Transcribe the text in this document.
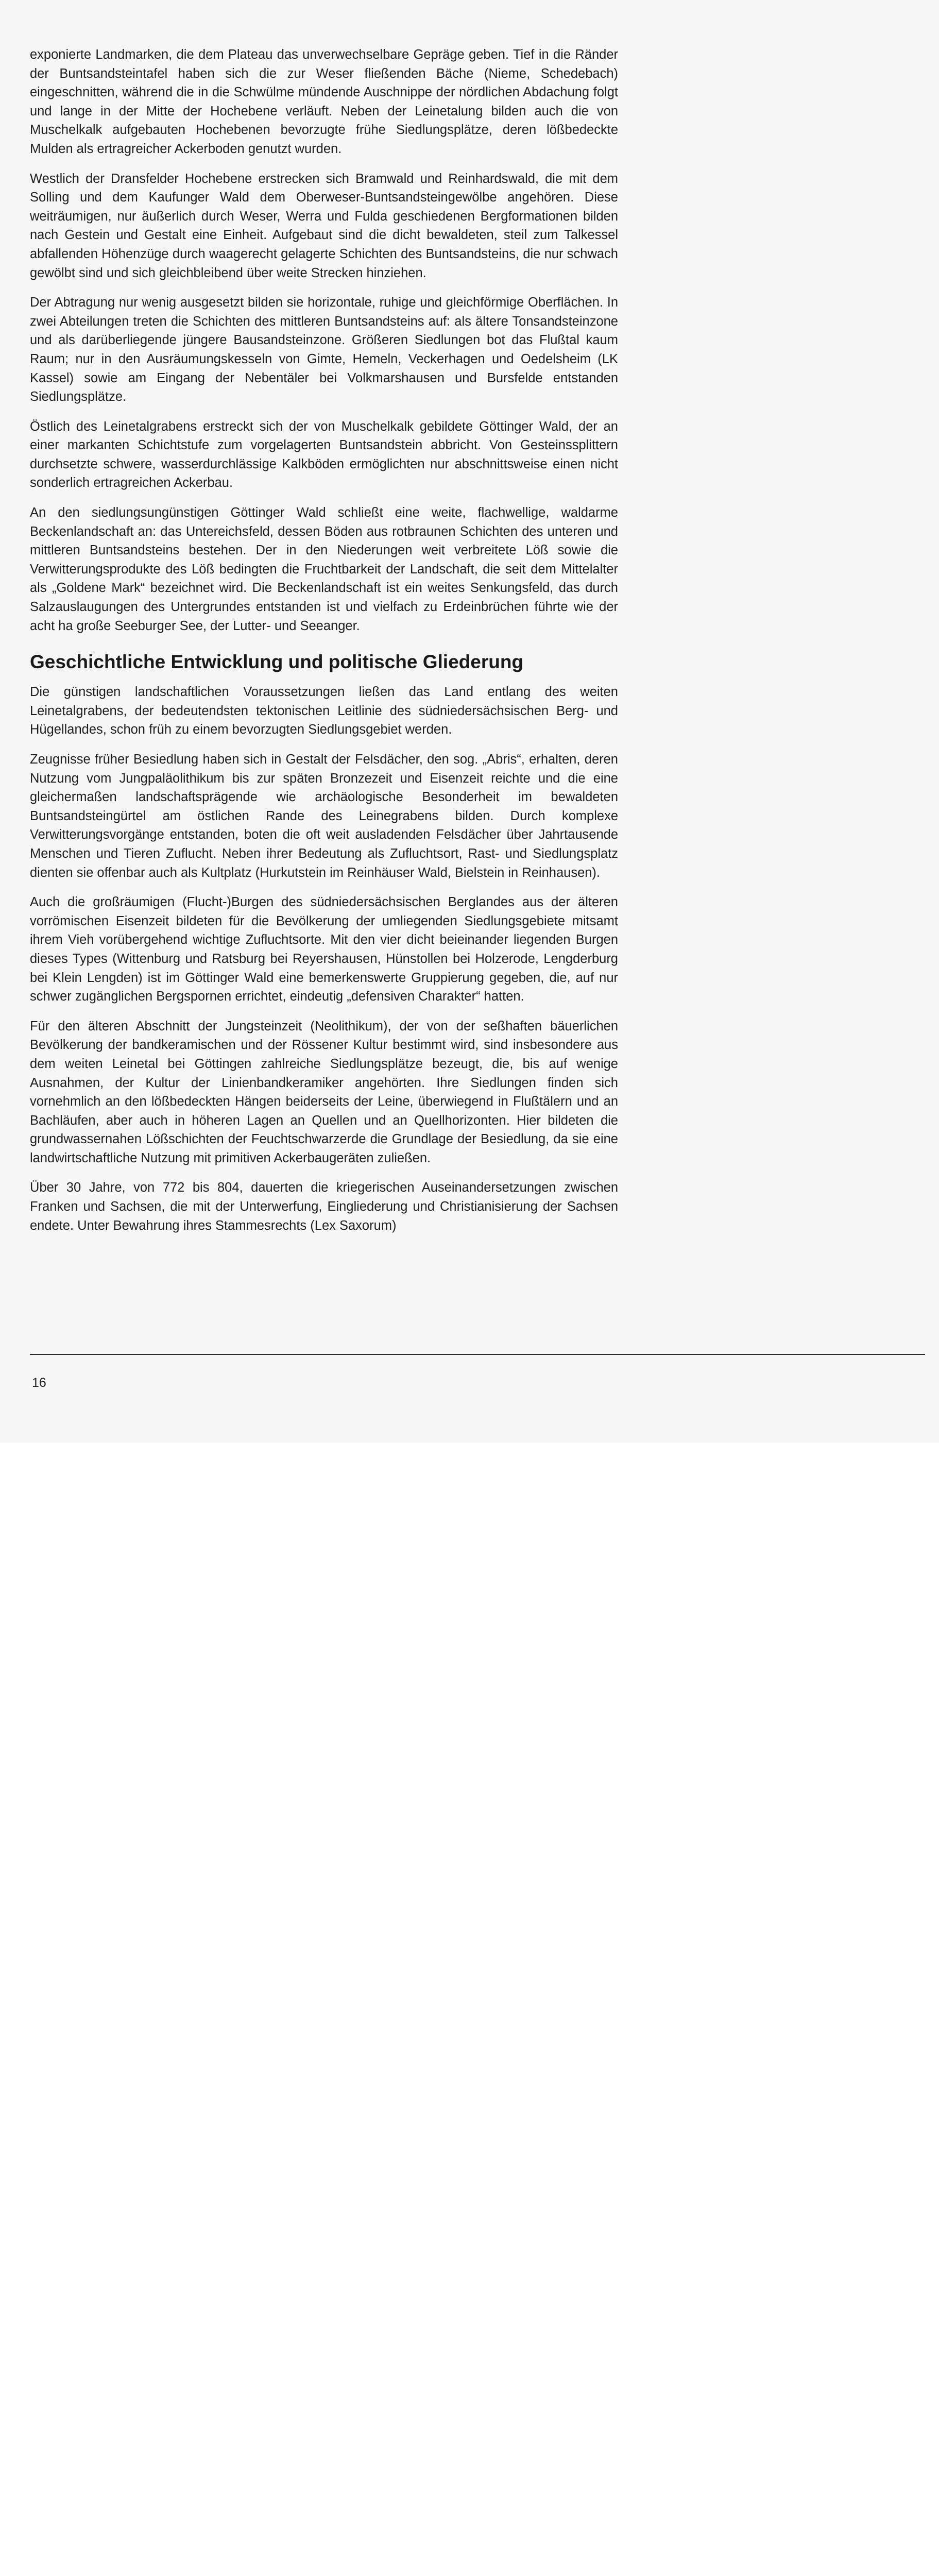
exponierte Landmarken, die dem Plateau das unverwechselbare Gepräge geben. Tief in die Ränder der Buntsandsteintafel haben sich die zur Weser fließenden Bäche (Nieme, Schedebach) eingeschnitten, während die in die Schwülme mündende Auschnippe der nördlichen Abdachung folgt und lange in der Mitte der Hochebene verläuft. Neben der Leinetalung bilden auch die von Muschelkalk aufgebauten Hochebenen bevorzugte frühe Siedlungsplätze, deren lößbedeckte Mulden als ertragreicher Ackerboden genutzt wurden.

Westlich der Dransfelder Hochebene erstrecken sich Bramwald und Reinhardswald, die mit dem Solling und dem Kaufunger Wald dem Oberweser-Buntsandsteingewölbe angehören. Diese weiträumigen, nur äußerlich durch Weser, Werra und Fulda geschiedenen Bergformationen bilden nach Gestein und Gestalt eine Einheit. Aufgebaut sind die dicht bewaldeten, steil zum Talkessel abfallenden Höhenzüge durch waagerecht gelagerte Schichten des Buntsandsteins, die nur schwach gewölbt sind und sich gleichbleibend über weite Strecken hinziehen.

Der Abtragung nur wenig ausgesetzt bilden sie horizontale, ruhige und gleichförmige Oberflächen. In zwei Abteilungen treten die Schichten des mittleren Buntsandsteins auf: als ältere Tonsandsteinzone und als darüberliegende jüngere Bausandsteinzone. Größeren Siedlungen bot das Flußtal kaum Raum; nur in den Ausräumungskesseln von Gimte, Hemeln, Veckerhagen und Oedelsheim (LK Kassel) sowie am Eingang der Nebentäler bei Volkmarshausen und Bursfelde entstanden Siedlungsplätze.

Östlich des Leinetalgrabens erstreckt sich der von Muschelkalk gebildete Göttinger Wald, der an einer markanten Schichtstufe zum vorgelagerten Buntsandstein abbricht. Von Gesteinssplittern durchsetzte schwere, wasserdurchlässige Kalkböden ermöglichten nur abschnittsweise einen nicht sonderlich ertragreichen Ackerbau.

An den siedlungsungünstigen Göttinger Wald schließt eine weite, flachwellige, waldarme Beckenlandschaft an: das Untereichsfeld, dessen Böden aus rotbraunen Schichten des unteren und mittleren Buntsandsteins bestehen. Der in den Niederungen weit verbreitete Löß sowie die Verwitterungsprodukte des Löß bedingten die Fruchtbarkeit der Landschaft, die seit dem Mittelalter als „Goldene Mark“ bezeichnet wird. Die Beckenlandschaft ist ein weites Senkungsfeld, das durch Salzauslaugungen des Untergrundes entstanden ist und vielfach zu Erdeinbrüchen führte wie der acht ha große Seeburger See, der Lutter- und Seeanger.

Geschichtliche Entwicklung und politische Gliederung

Die günstigen landschaftlichen Voraussetzungen ließen das Land entlang des weiten Leinetalgrabens, der bedeutendsten tektonischen Leitlinie des südniedersächsischen Berg- und Hügellandes, schon früh zu einem bevorzugten Siedlungsgebiet werden.

Zeugnisse früher Besiedlung haben sich in Gestalt der Felsdächer, den sog. „Abris“, erhalten, deren Nutzung vom Jungpaläolithikum bis zur späten Bronzezeit und Eisenzeit reichte und die eine gleichermaßen landschaftsprägende wie archäologische Besonderheit im bewaldeten Buntsandsteingürtel am östlichen Rande des Leinegrabens bilden. Durch komplexe Verwitterungsvorgänge entstanden, boten die oft weit ausladenden Felsdächer über Jahrtausende Menschen und Tieren Zuflucht. Neben ihrer Bedeutung als Zufluchtsort, Rast- und Siedlungsplatz dienten sie offenbar auch als Kultplatz (Hurkutstein im Reinhäuser Wald, Bielstein in Reinhausen).

Auch die großräumigen (Flucht-)Burgen des südniedersächsischen Berglandes aus der älteren vorrömischen Eisenzeit bildeten für die Bevölkerung der umliegenden Siedlungsgebiete mitsamt ihrem Vieh vorübergehend wichtige Zufluchtsorte. Mit den vier dicht beieinander liegenden Burgen dieses Types (Wittenburg und Ratsburg bei Reyershausen, Hünstollen bei Holzerode, Lengderburg bei Klein Lengden) ist im Göttinger Wald eine bemerkenswerte Gruppierung gegeben, die, auf nur schwer zugänglichen Bergspornen errichtet, eindeutig „defensiven Charakter“ hatten.

Für den älteren Abschnitt der Jungsteinzeit (Neolithikum), der von der seßhaften bäuerlichen Bevölkerung der bandkeramischen und der Rössener Kultur bestimmt wird, sind insbesondere aus dem weiten Leinetal bei Göttingen zahlreiche Siedlungsplätze bezeugt, die, bis auf wenige Ausnahmen, der Kultur der Linienbandkeramiker angehörten. Ihre Siedlungen finden sich vornehmlich an den lößbedeckten Hängen beiderseits der Leine, überwiegend in Flußtälern und an Bachläufen, aber auch in höheren Lagen an Quellen und an Quellhorizonten. Hier bildeten die grundwassernahen Lößschichten der Feuchtschwarzerde die Grundlage der Besiedlung, da sie eine landwirtschaftliche Nutzung mit primitiven Ackerbaugeräten zuließen.

Über 30 Jahre, von 772 bis 804, dauerten die kriegerischen Auseinandersetzungen zwischen Franken und Sachsen, die mit der Unterwerfung, Eingliederung und Christianisierung der Sachsen endete. Unter Bewahrung ihres Stammesrechts (Lex Saxorum)

16
